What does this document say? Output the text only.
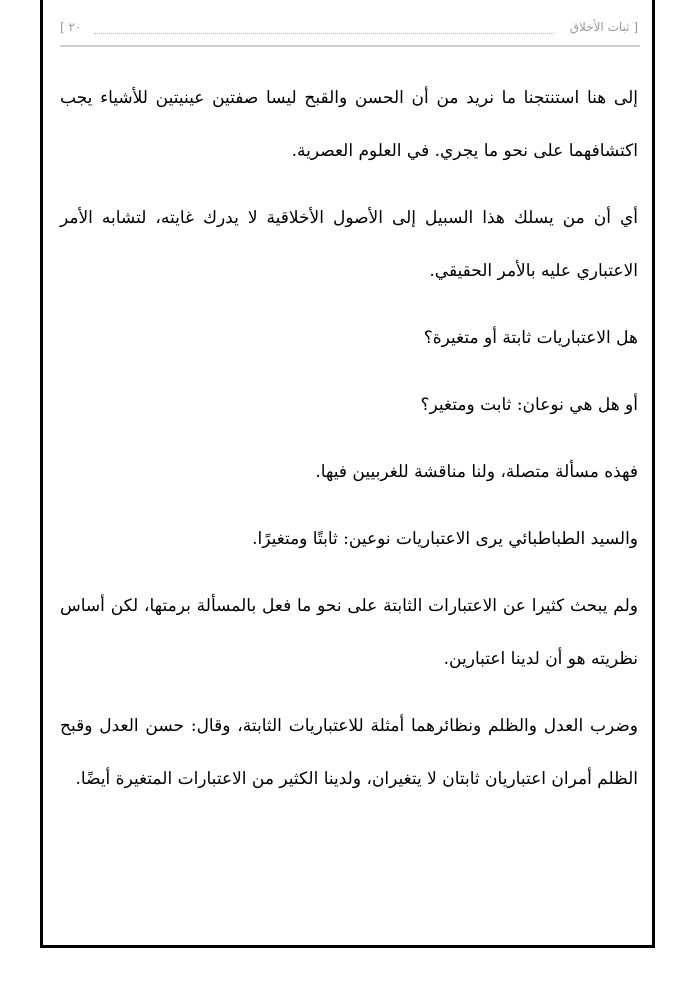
[ ثبات الأخلاق
٢٠ ]

إلى هنا استنتجنا ما نريد من أن الحسن والقبح ليسا صفتين عينيتين للأشياء يجب اكتشافهما على نحو ما يجري. في العلوم العصرية.

أي أن من يسلك هذا السبيل إلى الأصول الأخلاقية لا يدرك غايته، لتشابه الأمر الاعتباري عليه بالأمر الحقيقي.

هل الاعتباريات ثابتة أو متغيرة؟

أو هل هي نوعان: ثابت ومتغير؟

فهذه مسألة متصلة، ولنا مناقشة للغربيين فيها.

والسيد الطباطبائي يرى الاعتباريات نوعين: ثابتًا ومتغيرًا.

ولم يبحث كثيرا عن الاعتبارات الثابتة على نحو ما فعل بالمسألة برمتها، لكن أساس نظريته هو أن لدينا اعتبارين.

وضرب العدل والظلم ونظائرهما أمثلة للاعتباريات الثابتة، وقال: حسن العدل وقبح الظلم أمران اعتباريان ثابتان لا يتغيران، ولدينا الكثير من الاعتبارات المتغيرة أيضًا.
